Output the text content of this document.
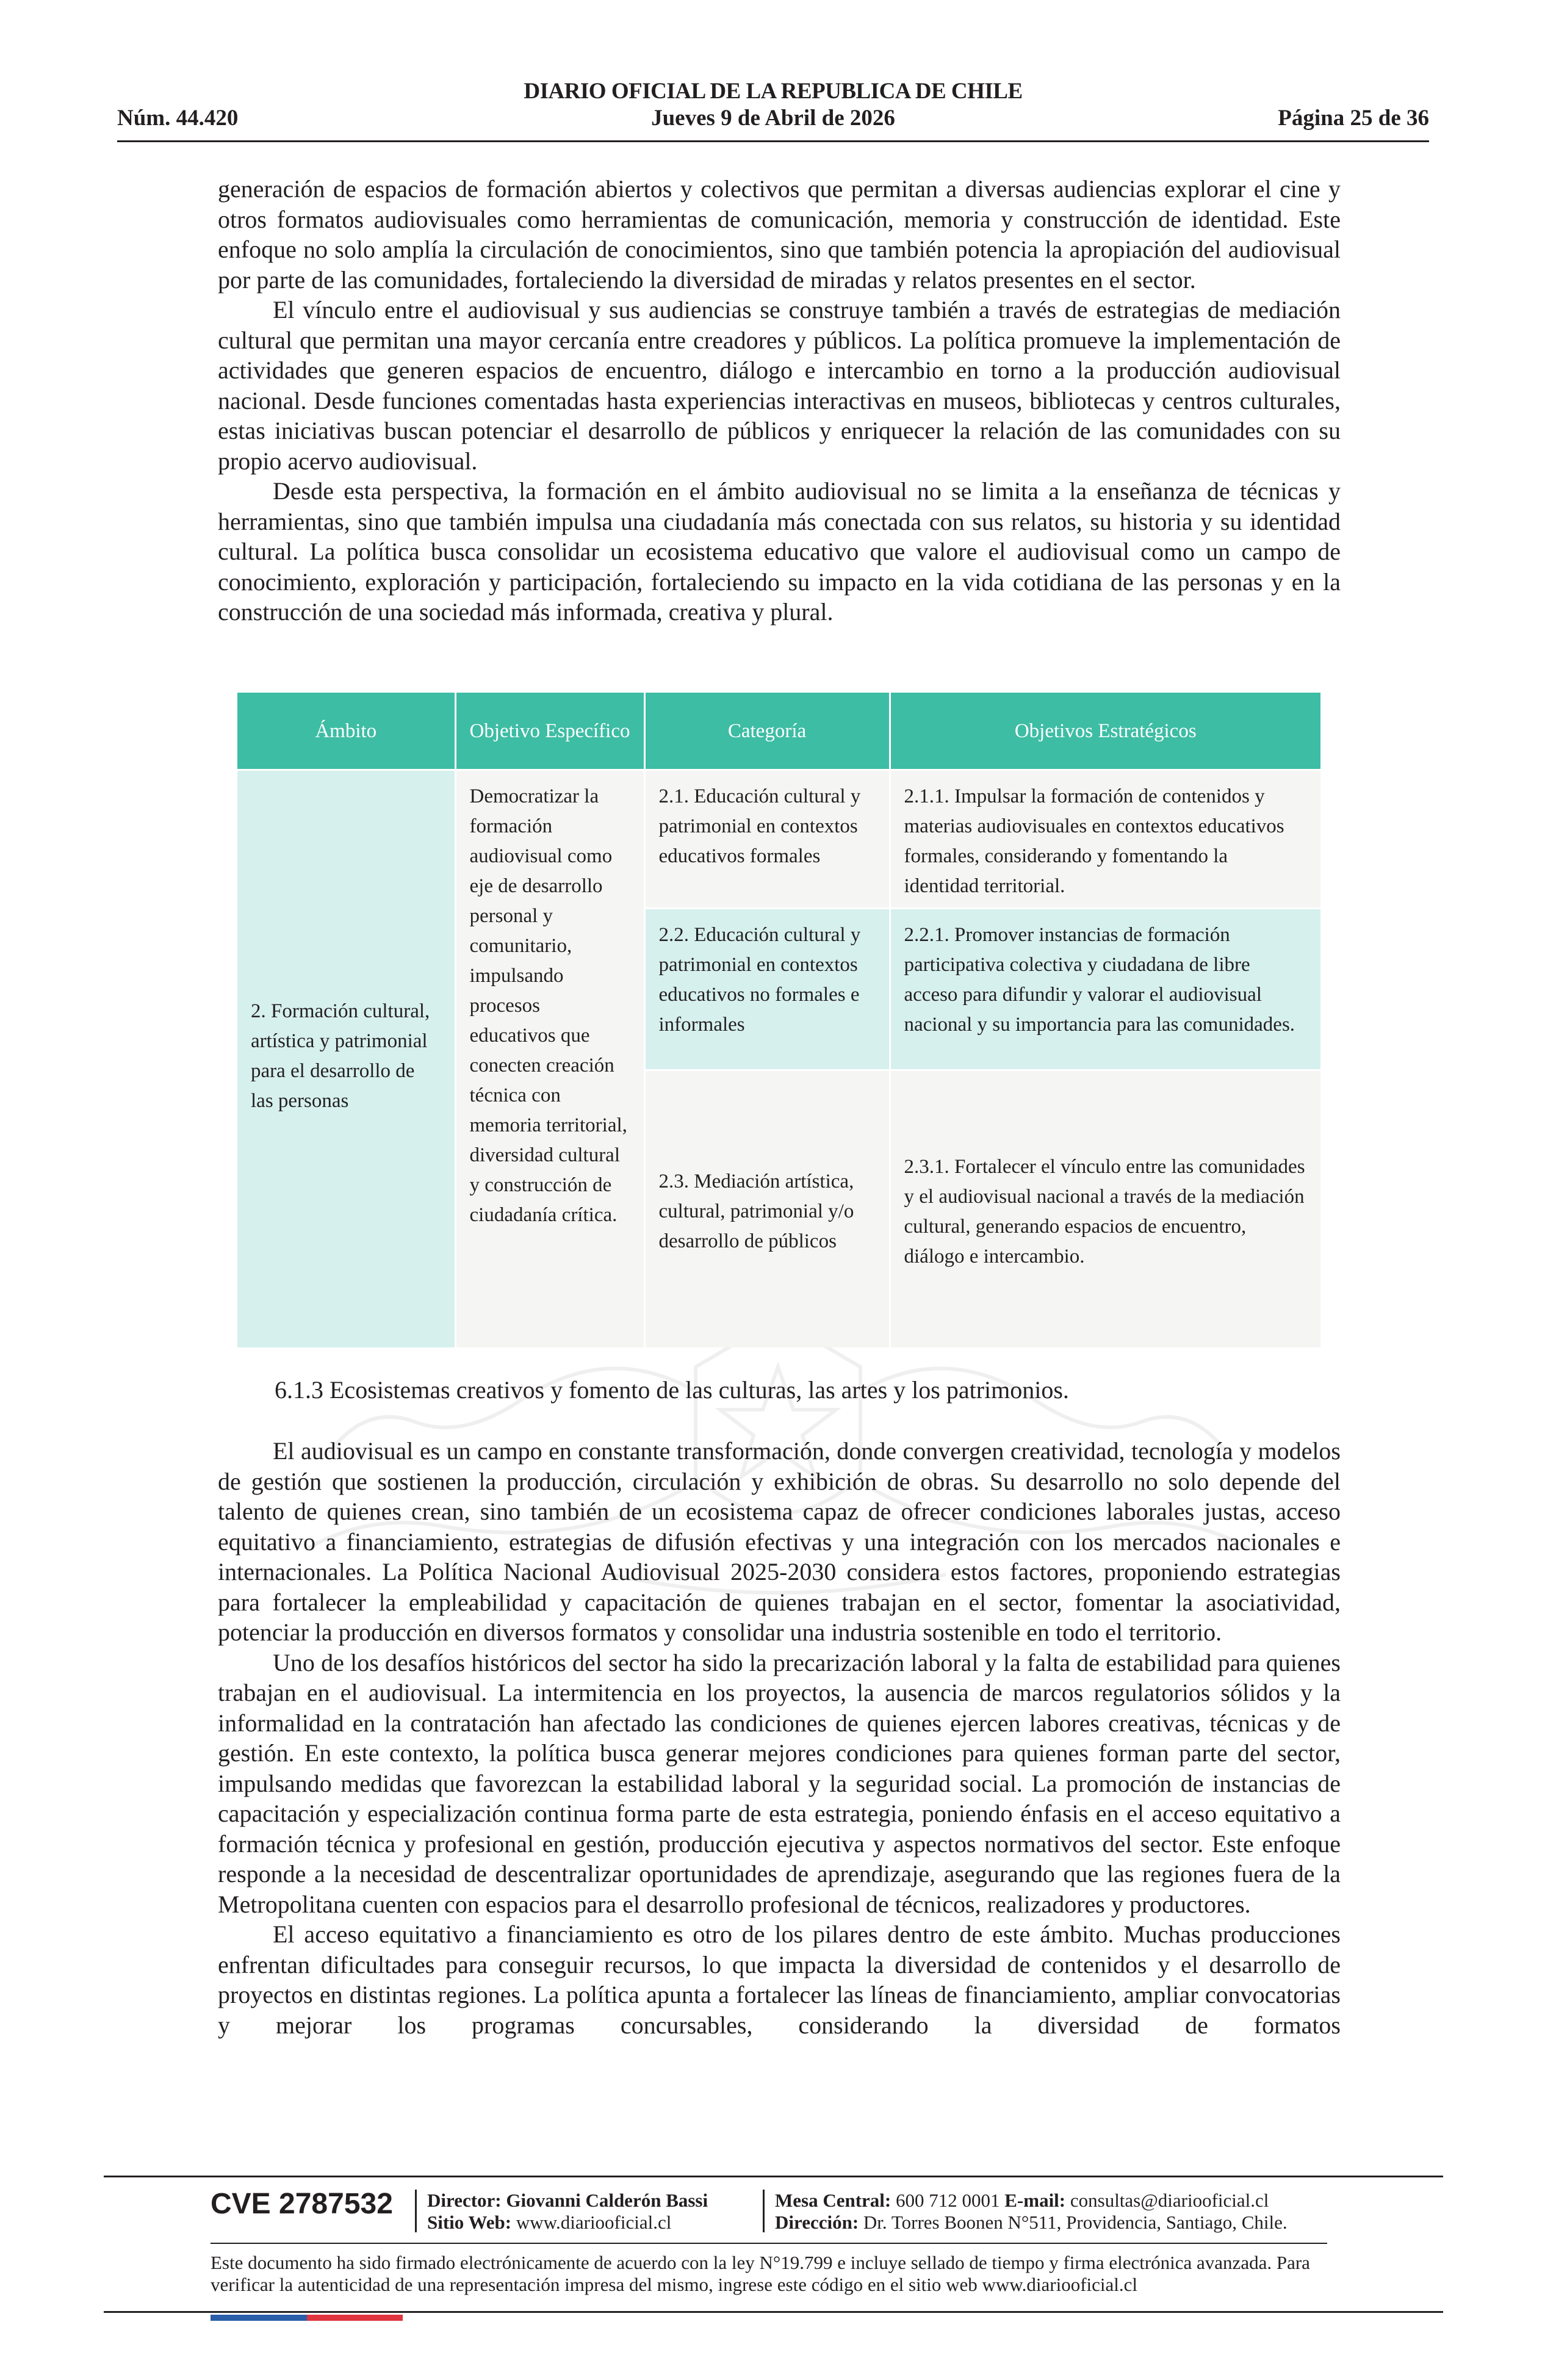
DIARIO OFICIAL DE LA REPUBLICA DE CHILE
Núm. 44.420	Jueves 9 de Abril de 2026	Página 25 de 36

generación de espacios de formación abiertos y colectivos que permitan a diversas audiencias explorar el cine y otros formatos audiovisuales como herramientas de comunicación, memoria y construcción de identidad. Este enfoque no solo amplía la circulación de conocimientos, sino que también potencia la apropiación del audiovisual por parte de las comunidades, fortaleciendo la diversidad de miradas y relatos presentes en el sector.

El vínculo entre el audiovisual y sus audiencias se construye también a través de estrategias de mediación cultural que permitan una mayor cercanía entre creadores y públicos. La política promueve la implementación de actividades que generen espacios de encuentro, diálogo e intercambio en torno a la producción audiovisual nacional. Desde funciones comentadas hasta experiencias interactivas en museos, bibliotecas y centros culturales, estas iniciativas buscan potenciar el desarrollo de públicos y enriquecer la relación de las comunidades con su propio acervo audiovisual.

Desde esta perspectiva, la formación en el ámbito audiovisual no se limita a la enseñanza de técnicas y herramientas, sino que también impulsa una ciudadanía más conectada con sus relatos, su historia y su identidad cultural. La política busca consolidar un ecosistema educativo que valore el audiovisual como un campo de conocimiento, exploración y participación, fortaleciendo su impacto en la vida cotidiana de las personas y en la construcción de una sociedad más informada, creativa y plural.

Ámbito	Objetivo Específico	Categoría	Objetivos Estratégicos
2. Formación cultural, artística y patrimonial para el desarrollo de las personas	Democratizar la formación audiovisual como eje de desarrollo personal y comunitario, impulsando procesos educativos que conecten creación técnica con memoria territorial, diversidad cultural y construcción de ciudadanía crítica.	2.1. Educación cultural y patrimonial en contextos educativos formales	2.1.1. Impulsar la formación de contenidos y materias audiovisuales en contextos educativos formales, considerando y fomentando la identidad territorial.
		2.2. Educación cultural y patrimonial en contextos educativos no formales e informales	2.2.1. Promover instancias de formación participativa colectiva y ciudadana de libre acceso para difundir y valorar el audiovisual nacional y su importancia para las comunidades.
		2.3. Mediación artística, cultural, patrimonial y/o desarrollo de públicos	2.3.1. Fortalecer el vínculo entre las comunidades y el audiovisual nacional a través de la mediación cultural, generando espacios de encuentro, diálogo e intercambio.

6.1.3 Ecosistemas creativos y fomento de las culturas, las artes y los patrimonios.

El audiovisual es un campo en constante transformación, donde convergen creatividad, tecnología y modelos de gestión que sostienen la producción, circulación y exhibición de obras. Su desarrollo no solo depende del talento de quienes crean, sino también de un ecosistema capaz de ofrecer condiciones laborales justas, acceso equitativo a financiamiento, estrategias de difusión efectivas y una integración con los mercados nacionales e internacionales. La Política Nacional Audiovisual 2025-2030 considera estos factores, proponiendo estrategias para fortalecer la empleabilidad y capacitación de quienes trabajan en el sector, fomentar la asociatividad, potenciar la producción en diversos formatos y consolidar una industria sostenible en todo el territorio.

Uno de los desafíos históricos del sector ha sido la precarización laboral y la falta de estabilidad para quienes trabajan en el audiovisual. La intermitencia en los proyectos, la ausencia de marcos regulatorios sólidos y la informalidad en la contratación han afectado las condiciones de quienes ejercen labores creativas, técnicas y de gestión. En este contexto, la política busca generar mejores condiciones para quienes forman parte del sector, impulsando medidas que favorezcan la estabilidad laboral y la seguridad social. La promoción de instancias de capacitación y especialización continua forma parte de esta estrategia, poniendo énfasis en el acceso equitativo a formación técnica y profesional en gestión, producción ejecutiva y aspectos normativos del sector. Este enfoque responde a la necesidad de descentralizar oportunidades de aprendizaje, asegurando que las regiones fuera de la Metropolitana cuenten con espacios para el desarrollo profesional de técnicos, realizadores y productores.

El acceso equitativo a financiamiento es otro de los pilares dentro de este ámbito. Muchas producciones enfrentan dificultades para conseguir recursos, lo que impacta la diversidad de contenidos y el desarrollo de proyectos en distintas regiones. La política apunta a fortalecer las líneas de financiamiento, ampliar convocatorias y mejorar los programas concursables, considerando la diversidad de formatos

CVE 2787532 Director: Giovanni Calderón Bassi
Sitio Web: www.diariooficial.cl
Mesa Central: 600 712 0001 E-mail: consultas@diariooficial.cl
Dirección: Dr. Torres Boonen N°511, Providencia, Santiago, Chile.
Este documento ha sido firmado electrónicamente de acuerdo con la ley N°19.799 e incluye sellado de tiempo y firma electrónica avanzada. Para verificar la autenticidad de una representación impresa del mismo, ingrese este código en el sitio web www.diariooficial.cl
